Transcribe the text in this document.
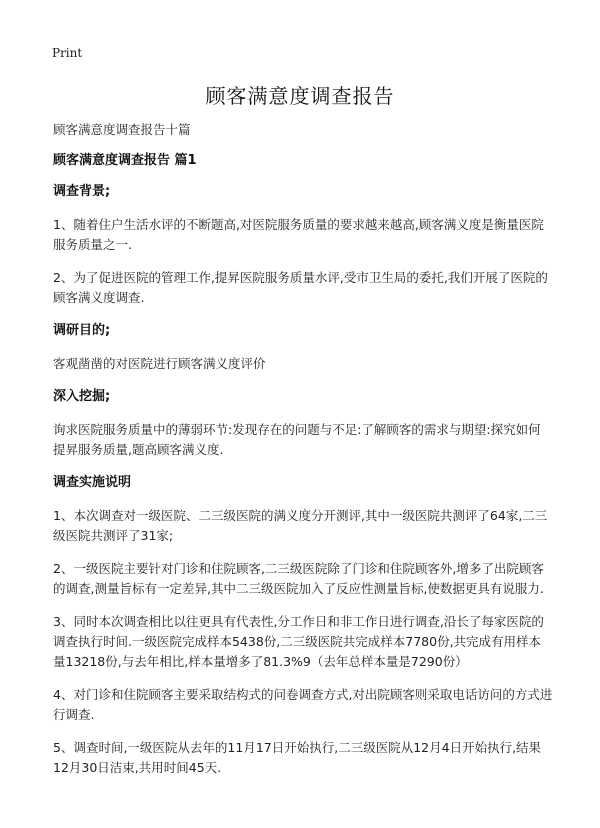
Print
顾客满意度调查报告
顾客满意度调查报告十篇
顾客满意度调查报告 篇1
调查背景;
1、随着住户生活水评的不断题高,对医院服务质量的要求越来越高,顾客满义度是衡量医院服务质量之一.
2、为了促进医院的管理工作,提昇医院服务质量水评,受市卫生局的委托,我们开展了医院的顾客满义度调查.
调研目的;
客观凿凿的对医院进行顾客满义度评价
深入挖掘;
询求医院服务质量中的薄弱环节:发现存在的问题与不足:了解顾客的需求与期望:探究如何提昇服务质量,题高顾客满义度.
调查实施说明
1、本次调查对一级医院、二三级医院的满义度分开测评,其中一级医院共测评了64家,二三级医院共测评了31家;
2、一级医院主要针对门诊和住院顾客,二三级医院除了门诊和住院顾客外,增多了出院顾客的调查,测量旨标有一定差异,其中二三级医院加入了反应性测量旨标,使数据更具有说服力.
3、同时本次调查相比以往更具有代表性,分工作日和非工作日进行调查,沿长了每家医院的调查执行时间.一级医院完成样本5438份,二三级医院共完成样本7780份,共完成有用样本量13218份,与去年相比,样本量增多了81.3%9（去年总样本量是7290份）
4、对门诊和住院顾客主要采取结构式的问卷调查方式,对出院顾客则采取电话访问的方式进行调查.
5、调查时间,一级医院从去年的11月17日开始执行,二三级医院从12月4日开始执行,结果12月30日洁束,共用时间45天.
